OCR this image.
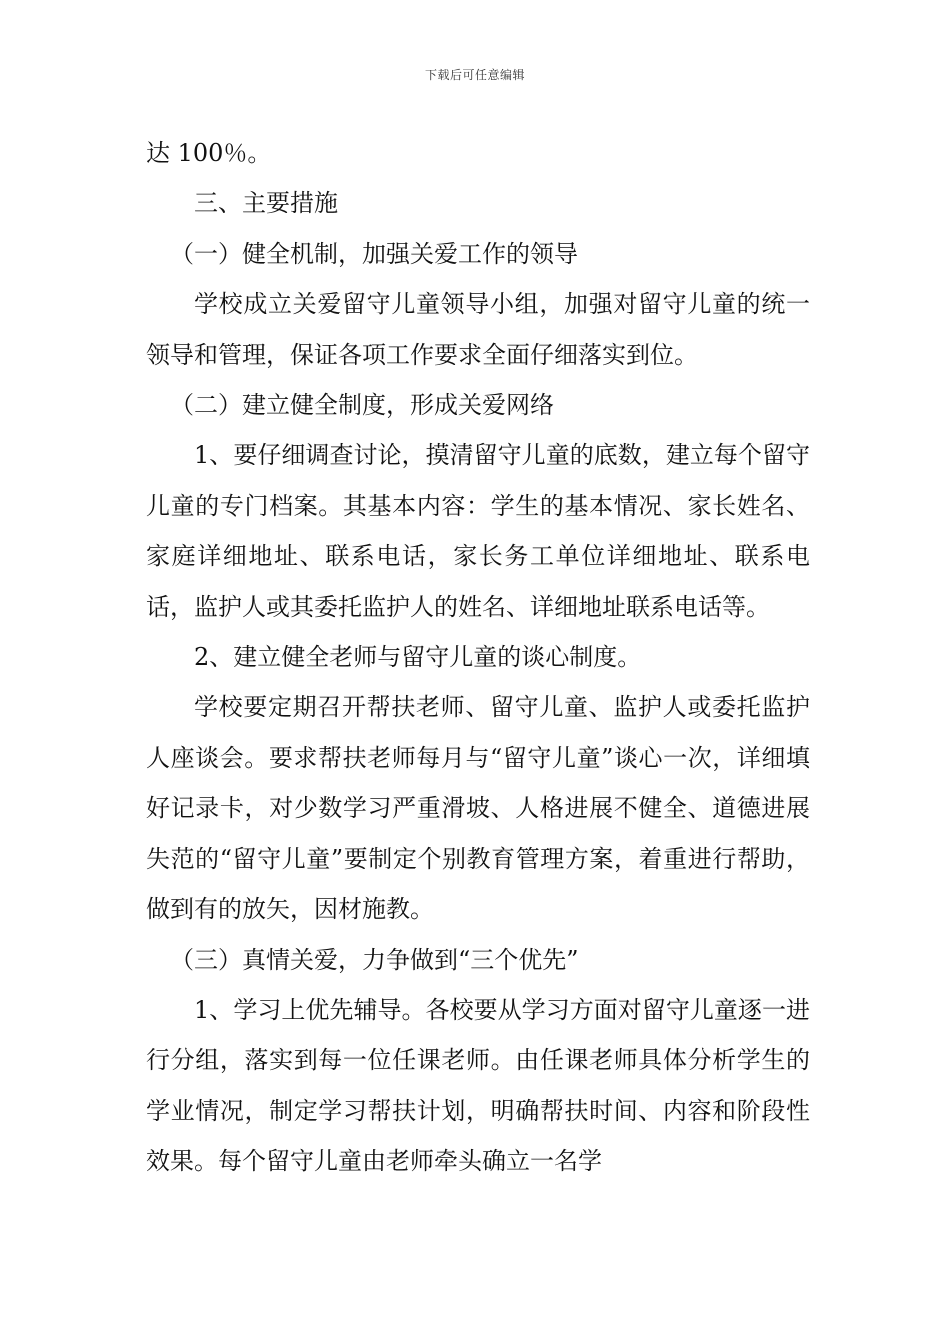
下载后可任意编辑

达 100％。

三、主要措施

（一）健全机制，加强关爱工作的领导

学校成立关爱留守儿童领导小组，加强对留守儿童的统一领导和管理，保证各项工作要求全面仔细落实到位。

（二）建立健全制度，形成关爱网络

1、要仔细调查讨论，摸清留守儿童的底数，建立每个留守儿童的专门档案。其基本内容：学生的基本情况、家长姓名、家庭详细地址、联系电话，家长务工单位详细地址、联系电话，监护人或其委托监护人的姓名、详细地址联系电话等。

2、建立健全老师与留守儿童的谈心制度。

学校要定期召开帮扶老师、留守儿童、监护人或委托监护人座谈会。要求帮扶老师每月与“留守儿童”谈心一次，详细填好记录卡，对少数学习严重滑坡、人格进展不健全、道德进展失范的“留守儿童”要制定个别教育管理方案，着重进行帮助，做到有的放矢，因材施教。

（三）真情关爱，力争做到“三个优先”

1、学习上优先辅导。各校要从学习方面对留守儿童逐一进行分组，落实到每一位任课老师。由任课老师具体分析学生的学业情况，制定学习帮扶计划，明确帮扶时间、内容和阶段性效果。每个留守儿童由老师牵头确立一名学
